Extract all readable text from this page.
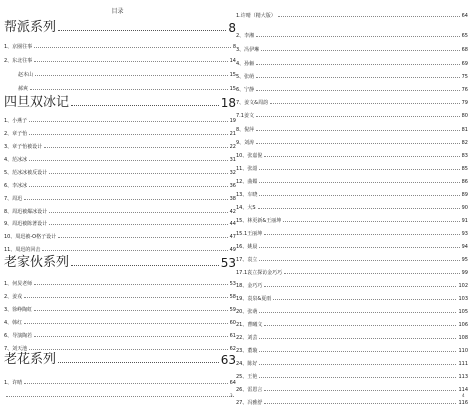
目录
帮派系列	8
1、京圈往事	8
2、东北往事	14
赵本山	15
郝爽	15
四旦双冰记	18
1、小燕子	19
2、章子怡	21
3、章子怡被设计	22
4、范冰冰	31
5、范冰冰被反设计	32
6、李冰冰	36
7、周迅	38
8、周迅被爆冰设计	42
9、周迅被陈著设计	44
10、周迅被-O格子设计	47
11、周迅的回击	49
老家伙系列	53
1、何炅老师	53
2、姜戎	58
3、徐峥陶虹	59
4、韩红	60
6、导演陶若	61
7、刘天池	62
老花系列	63
1、许晴	64
1.许晴（精大版）	64
2、李湘	65
3、冯伊琳	68
4、孙俪	69
5、张萌	75
6、宁静	76
7、姜文&周韵	79
7.1姜文	80
8、倪萍	81
9、刘涛	82
10、张嘉倪	83
11、张韶	85
12、曲媚	86
13、车晓	89
14、大S	90
15、林更新&王丽坤	91
15.1王丽坤	93
16、姚晨	94
17、袁立	95
17.1袁立探访金巧巧	99
18、金巧巧	102
19、袁泉&夏雨	103
20、张萌	105
21、曹曦文	106
22、刘芸	108
23、董璇	110
24、陈好	111
25、王艳	113
26、雷恩言	114
27、冯雅舒	116
3	4
